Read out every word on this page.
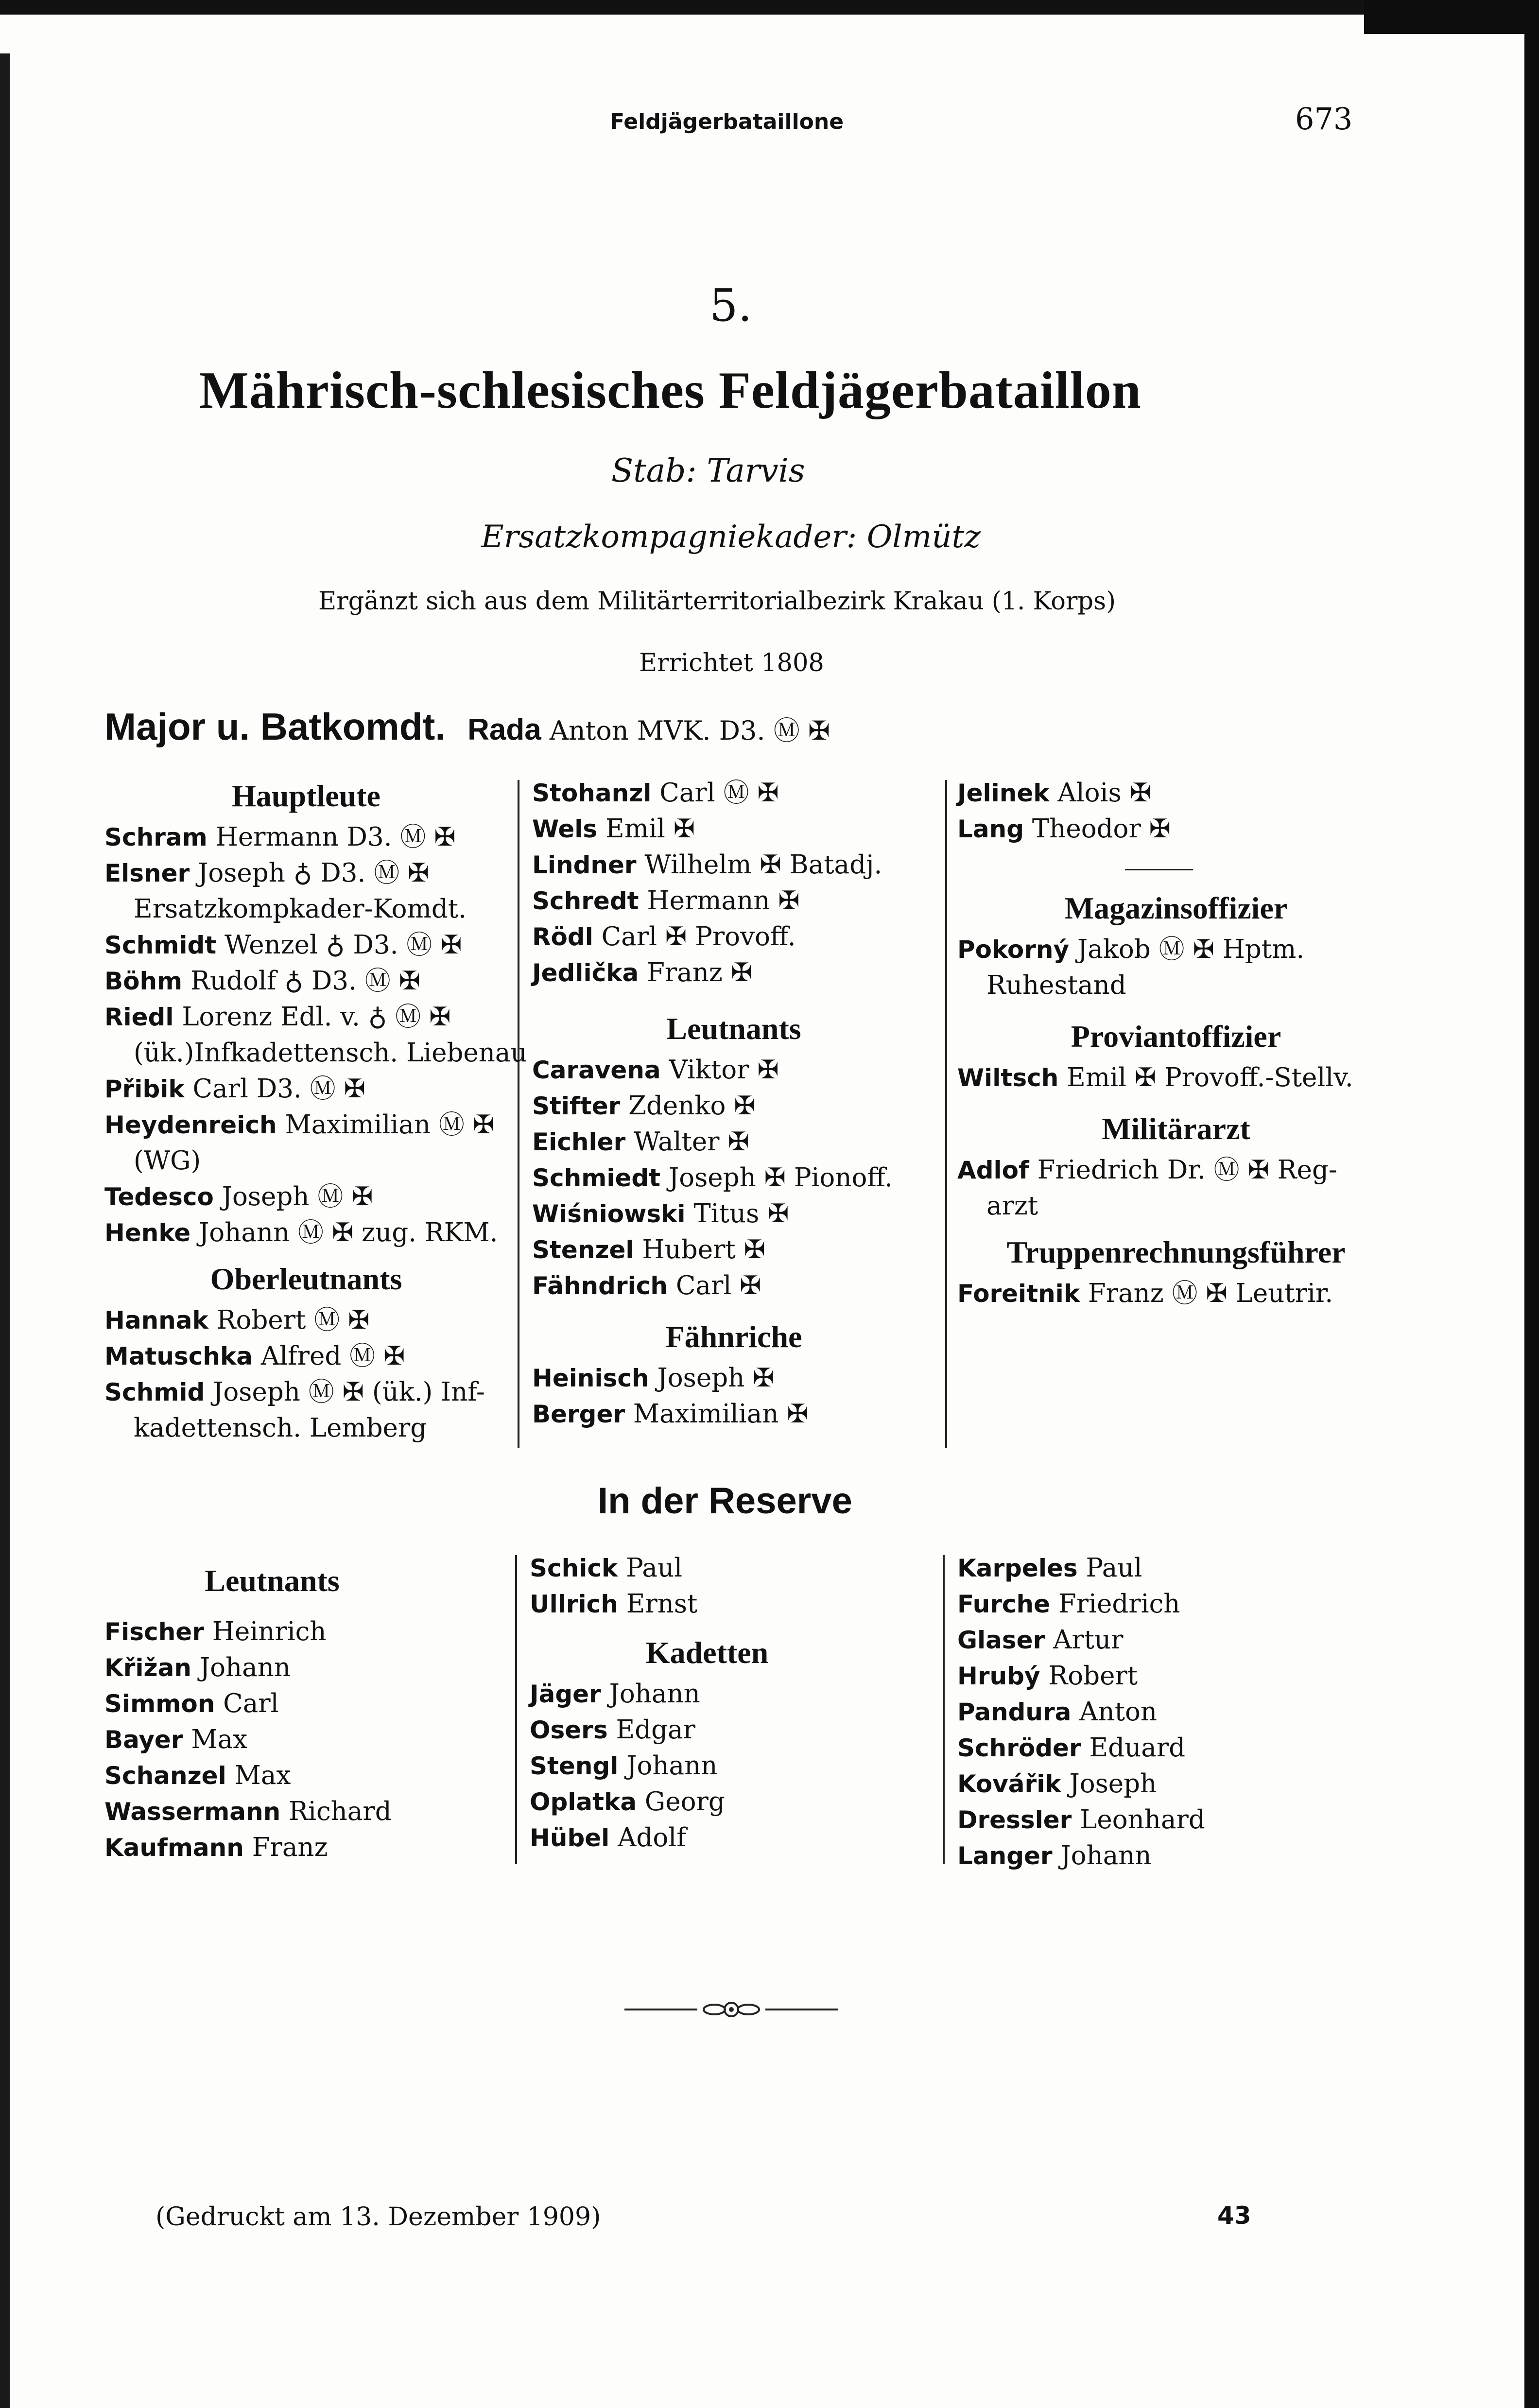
Feldjägerbataillone	673
5.
Mährisch-schlesisches Feldjägerbataillon
Stab: Tarvis
Ersatzkompagniekader: Olmütz
Ergänzt sich aus dem Militärterritorialbezirk Krakau (1. Korps)
Errichtet 1808
Major u. Batkomdt. Rada Anton MVK. D3. Ⓜ ✠
Hauptleute
Schram Hermann D3. Ⓜ ✠
Elsner Joseph ♁ D3. Ⓜ ✠
Ersatzkompkader-Komdt.
Schmidt Wenzel ♁ D3. Ⓜ ✠
Böhm Rudolf ♁ D3. Ⓜ ✠
Riedl Lorenz Edl. v. ♁ Ⓜ ✠
(ük.)Infkadettensch. Liebenau
Přibik Carl D3. Ⓜ ✠
Heydenreich Maximilian Ⓜ ✠
(WG)
Tedesco Joseph Ⓜ ✠
Henke Johann Ⓜ ✠ zug. RKM.
Oberleutnants
Hannak Robert Ⓜ ✠
Matuschka Alfred Ⓜ ✠
Schmid Joseph Ⓜ ✠ (ük.) Inf-
kadettensch. Lemberg
Stohanzl Carl Ⓜ ✠
Wels Emil ✠
Lindner Wilhelm ✠ Batadj.
Schredt Hermann ✠
Rödl Carl ✠ Provoff.
Jedlička Franz ✠
Leutnants
Caravena Viktor ✠
Stifter Zdenko ✠
Eichler Walter ✠
Schmiedt Joseph ✠ Pionoff.
Wiśniowski Titus ✠
Stenzel Hubert ✠
Fähndrich Carl ✠
Fähnriche
Heinisch Joseph ✠
Berger Maximilian ✠
Jelinek Alois ✠
Lang Theodor ✠
Magazinsoffizier
Pokorný Jakob Ⓜ ✠ Hptm.
Ruhestand
Proviantoffizier
Wiltsch Emil ✠ Provoff.-Stellv.
Militärarzt
Adlof Friedrich Dr. Ⓜ ✠ Reg-
arzt
Truppenrechnungsführer
Foreitnik Franz Ⓜ ✠ Leutrir.
In der Reserve
Leutnants
Fischer Heinrich
Křižan Johann
Simmon Carl
Bayer Max
Schanzel Max
Wassermann Richard
Kaufmann Franz
Schick Paul
Ullrich Ernst
Kadetten
Jäger Johann
Osers Edgar
Stengl Johann
Oplatka Georg
Hübel Adolf
Karpeles Paul
Furche Friedrich
Glaser Artur
Hrubý Robert
Pandura Anton
Schröder Eduard
Kovářik Joseph
Dressler Leonhard
Langer Johann
(Gedruckt am 13. Dezember 1909)	43
